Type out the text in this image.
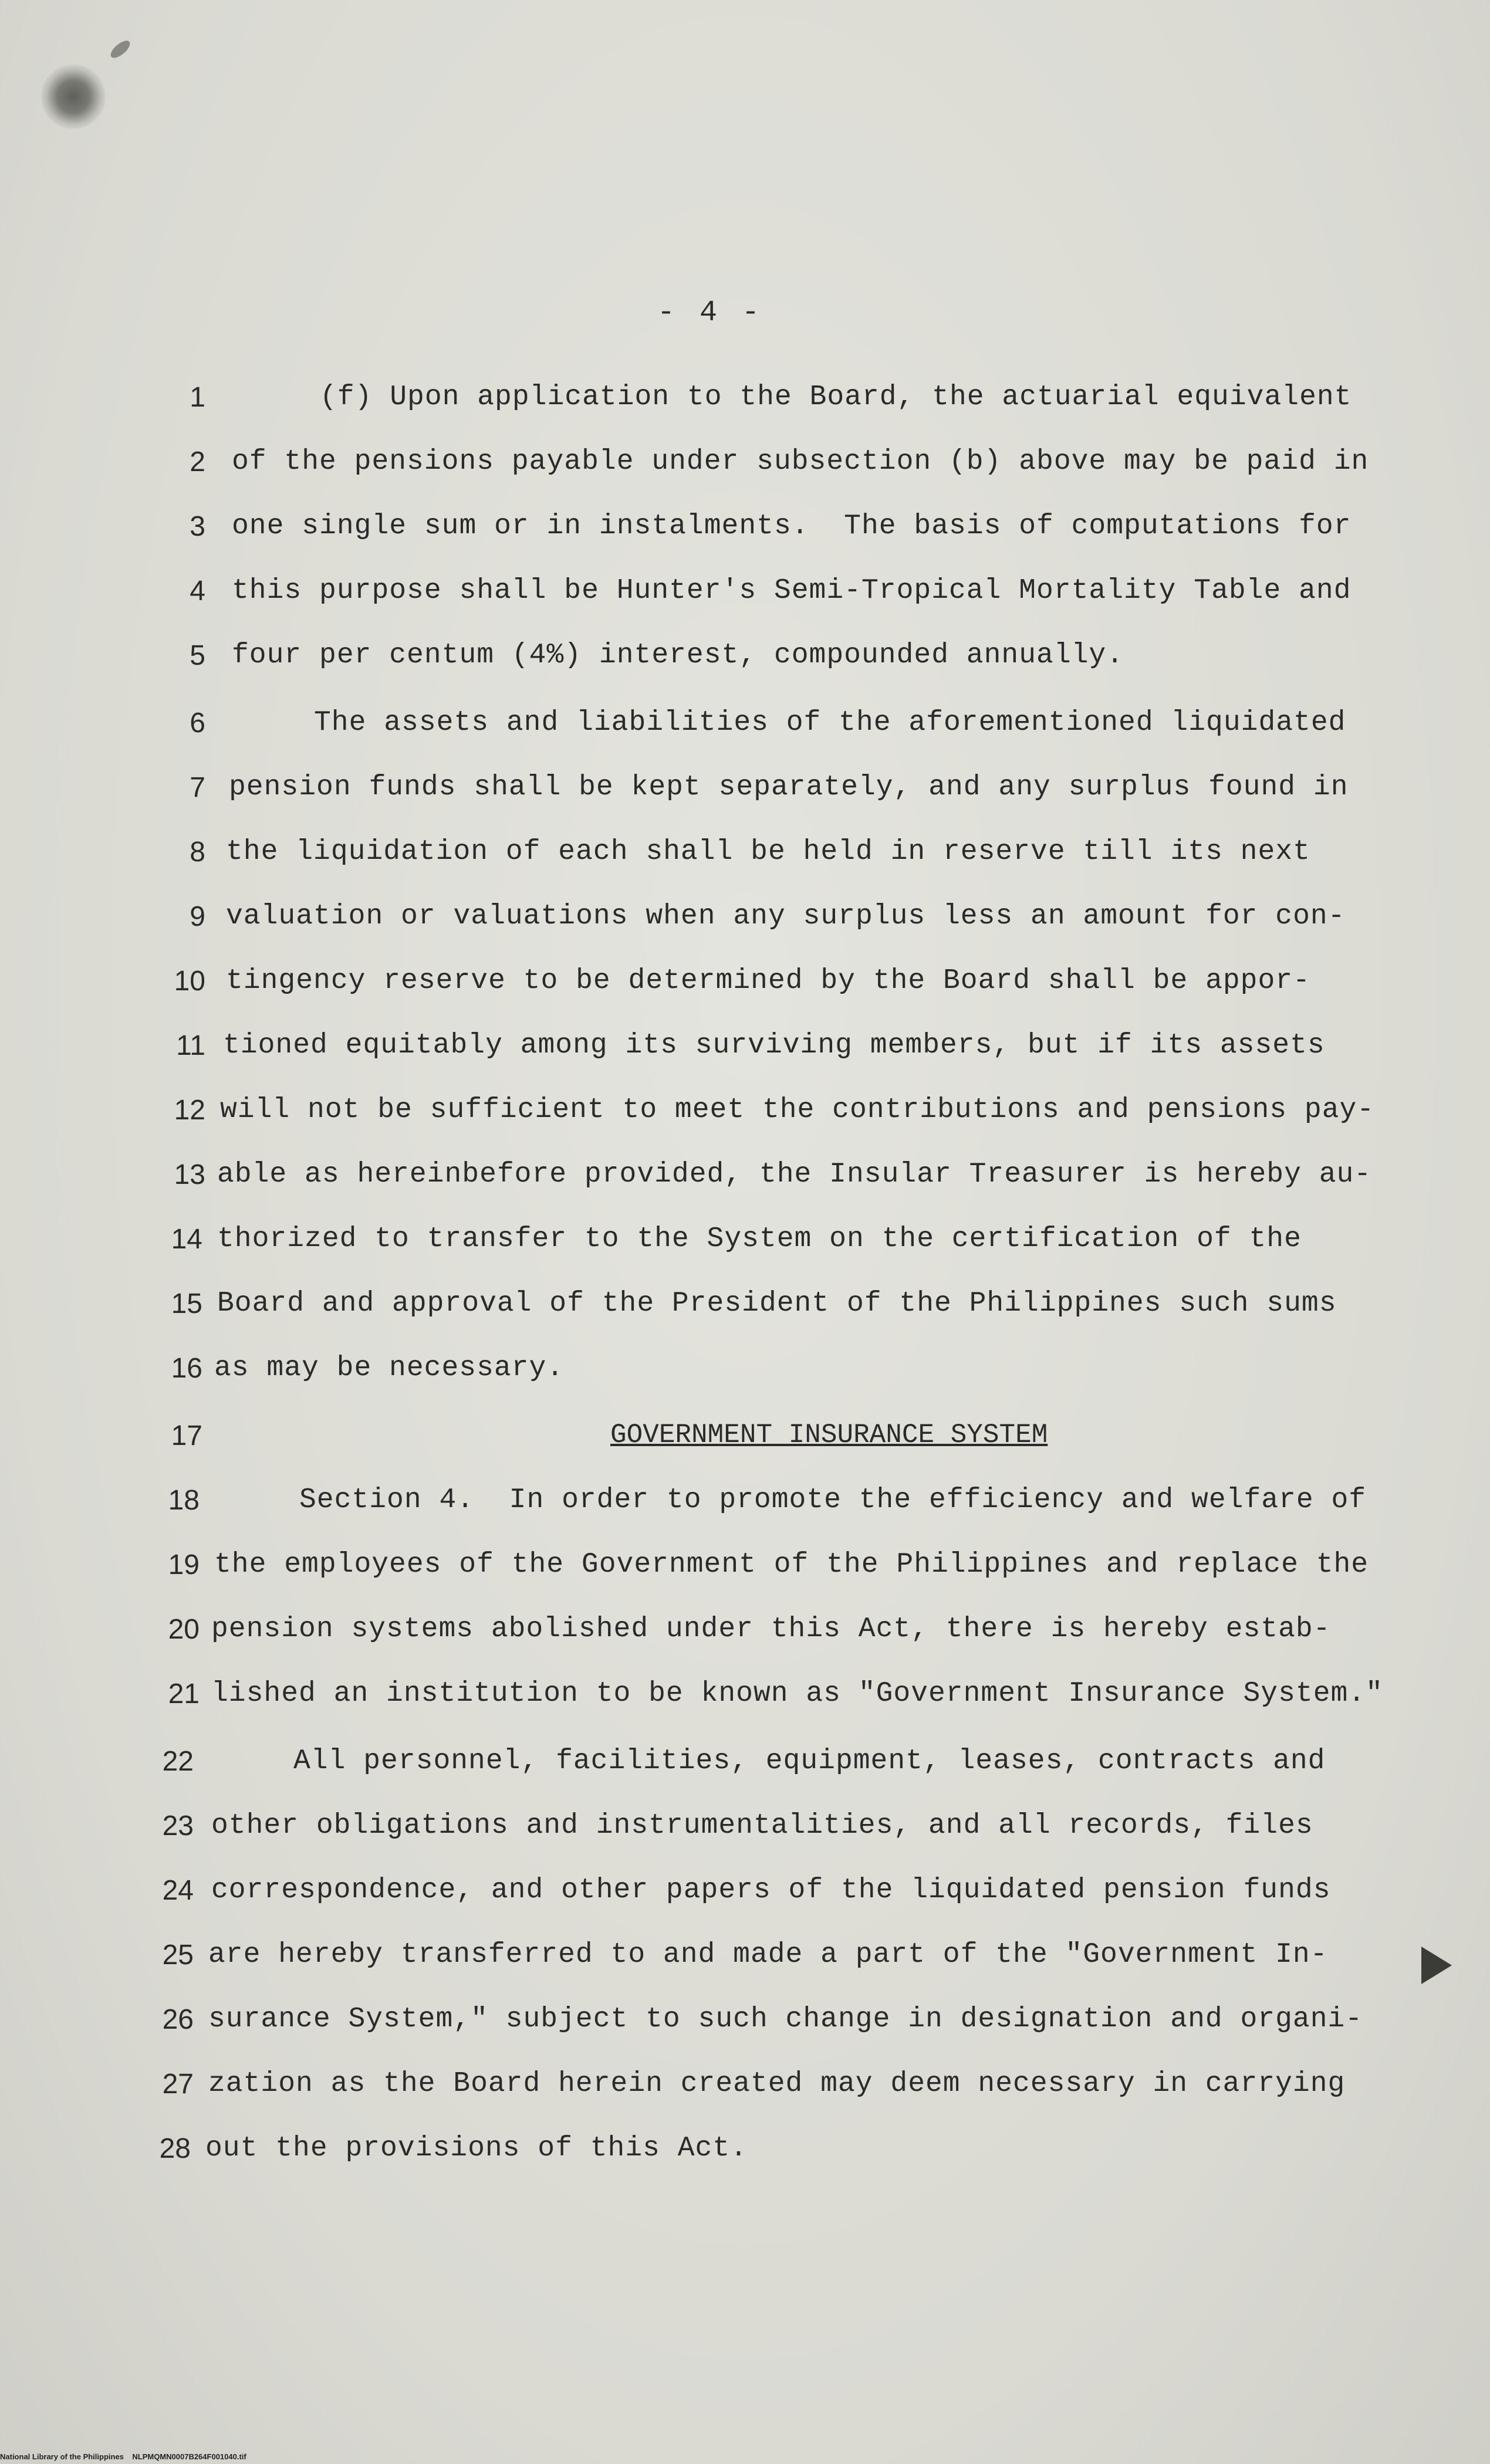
- 4 -
1	(f) Upon application to the Board, the actuarial equivalent
2 of the pensions payable under subsection (b) above may be paid in
3 one single sum or in instalments.  The basis of computations for
4 this purpose shall be Hunter's Semi-Tropical Mortality Table and
5 four per centum (4%) interest, compounded annually.
6	The assets and liabilities of the aforementioned liquidated
7 pension funds shall be kept separately, and any surplus found in
8 the liquidation of each shall be held in reserve till its next
9 valuation or valuations when any surplus less an amount for con-
10 tingency reserve to be determined by the Board shall be appor-
11 tioned equitably among its surviving members, but if its assets
12 will not be sufficient to meet the contributions and pensions pay-
13 able as hereinbefore provided, the Insular Treasurer is hereby au-
14 thorized to transfer to the System on the certification of the
15 Board and approval of the President of the Philippines such sums
16 as may be necessary.
17	GOVERNMENT INSURANCE SYSTEM
18	Section 4.  In order to promote the efficiency and welfare of
19 the employees of the Government of the Philippines and replace the
20 pension systems abolished under this Act, there is hereby estab-
21 lished an institution to be known as "Government Insurance System."
22	All personnel, facilities, equipment, leases, contracts and
23 other obligations and instrumentalities, and all records, files
24 correspondence, and other papers of the liquidated pension funds
25 are hereby transferred to and made a part of the "Government In-
26 surance System," subject to such change in designation and organi-
27 zation as the Board herein created may deem necessary in carrying
28 out the provisions of this Act.
National Library of the Philippines    NLPMQMN0007B264F001040.tif
